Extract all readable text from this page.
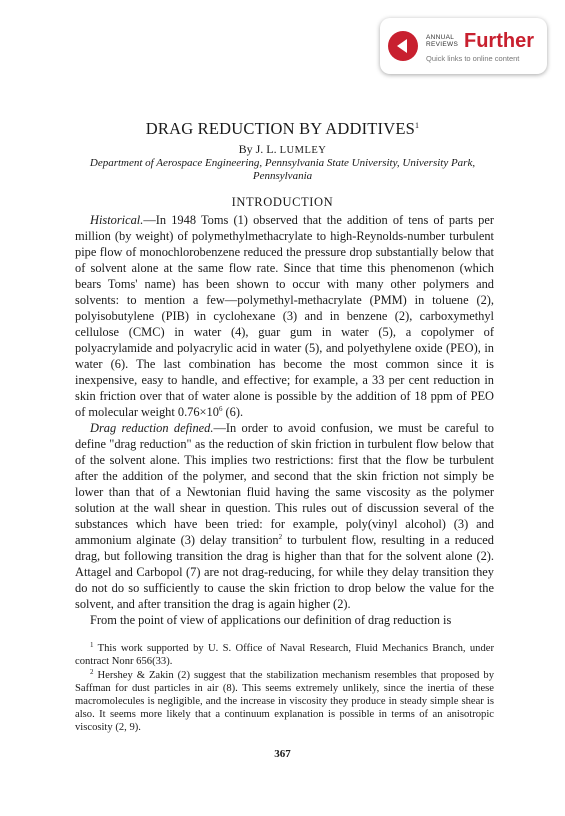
ANNUAL
REVIEWS Further
Quick links to online content
DRAG REDUCTION BY ADDITIVES$^1$
By J. L. LUMLEY
Department of Aerospace Engineering, Pennsylvania State University, University Park,
Pennsylvania
INTRODUCTION

Historical.—In 1948 Toms (1) observed that the addition of tens of parts per million (by weight) of polymethylmethacrylate to high-Reynolds-number turbulent pipe flow of monochlorobenzene reduced the pressure drop substantially below that of solvent alone at the same flow rate. Since that time this phenomenon (which bears Toms' name) has been shown to occur with many other polymers and solvents: to mention a few—polymethyl-methacrylate (PMM) in toluene (2), polyisobutylene (PIB) in cyclohexane (3) and in benzene (2), carboxymethyl cellulose (CMC) in water (4), guar gum in water (5), a copolymer of polyacrylamide and polyacrylic acid in water (5), and polyethylene oxide (PEO), in water (6). The last combination has become the most common since it is inexpensive, easy to handle, and effective; for example, a 33 per cent reduction in skin friction over that of water alone is possible by the addition of 18 ppm of PEO of molecular weight $0.76\times 10^6$ (6).

Drag reduction defined.—In order to avoid confusion, we must be careful to define "drag reduction" as the reduction of skin friction in turbulent flow below that of the solvent alone. This implies two restrictions: first that the flow be turbulent after the addition of the polymer, and second that the skin friction not simply be lower than that of a Newtonian fluid having the same viscosity as the polymer solution at the wall shear in question. This rules out of discussion several of the substances which have been tried: for example, poly(vinyl alcohol) (3) and ammonium alginate (3) delay transition$^2$ to turbulent flow, resulting in a reduced drag, but following transition the drag is higher than that for the solvent alone (2). Attagel and Carbopol (7) are not drag-reducing, for while they delay transition they do not do so sufficiently to cause the skin friction to drop below the value for the solvent, and after transition the drag is again higher (2).

From the point of view of applications our definition of drag reduction is

$^1$ This work supported by U. S. Office of Naval Research, Fluid Mechanics Branch, under contract Nonr 656(33).

$^2$ Hershey & Zakin (2) suggest that the stabilization mechanism resembles that proposed by Saffman for dust particles in air (8). This seems extremely unlikely, since the inertia of these macromolecules is negligible, and the increase in viscosity they produce in steady simple shear is also. It seems more likely that a continuum explanation is possible in terms of an anisotropic viscosity (2, 9).

367
